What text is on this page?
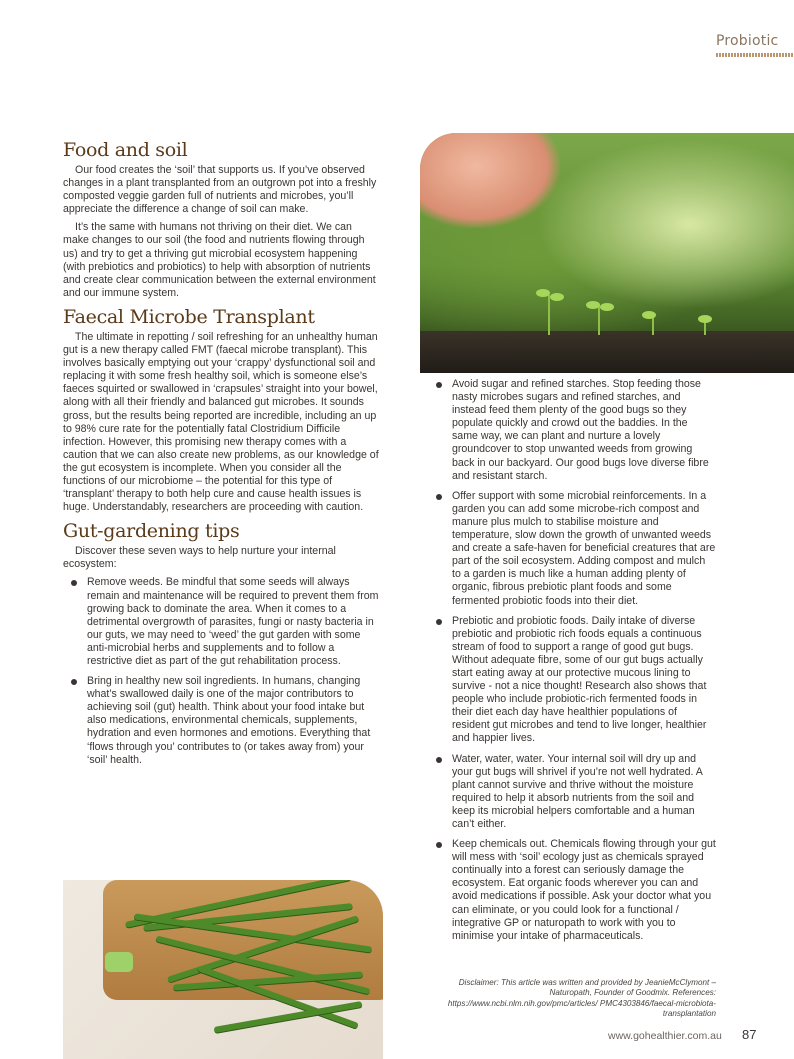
Probiotic
Food and soil

Our food creates the ‘soil’ that supports us. If you’ve observed changes in a plant transplanted from an outgrown pot into a freshly composted veggie garden full of nutrients and microbes, you’ll appreciate the difference a change of soil can make.

It’s the same with humans not thriving on their diet. We can make changes to our soil (the food and nutrients flowing through us) and try to get a thriving gut microbial ecosystem happening (with prebiotics and probiotics) to help with absorption of nutrients and create clear communication between the external environment and our immune system.

Faecal Microbe Transplant

The ultimate in repotting / soil refreshing for an unhealthy human gut is a new therapy called FMT (faecal microbe transplant). This involves basically emptying out your ‘crappy’ dysfunctional soil and replacing it with some fresh healthy soil, which is someone else’s faeces squirted or swallowed in ‘crapsules’ straight into your bowel, along with all their friendly and balanced gut microbes. It sounds gross, but the results being reported are incredible, including an up to 98% cure rate for the potentially fatal Clostridium Difficile infection. However, this promising new therapy comes with a caution that we can also create new problems, as our knowledge of the gut ecosystem is incomplete. When you consider all the functions of our microbiome – the potential for this type of ‘transplant’ therapy to both help cure and cause health issues is huge. Understandably, researchers are proceeding with caution.

Gut-gardening tips

Discover these seven ways to help nurture your internal ecosystem:

Remove weeds. Be mindful that some seeds will always remain and maintenance will be required to prevent them from growing back to dominate the area. When it comes to a detrimental overgrowth of parasites, fungi or nasty bacteria in our guts, we may need to ‘weed’ the gut garden with some anti-microbial herbs and supplements and to follow a restrictive diet as part of the gut rehabilitation process.
Bring in healthy new soil ingredients. In humans, changing what’s swallowed daily is one of the major contributors to achieving soil (gut) health. Think about your food intake but also medications, environmental chemicals, supplements, hydration and even hormones and emotions. Everything that ‘flows through you’ contributes to (or takes away from) your ‘soil’ health.
Avoid sugar and refined starches. Stop feeding those nasty microbes sugars and refined starches, and instead feed them plenty of the good bugs so they populate quickly and crowd out the baddies. In the same way, we can plant and nurture a lovely groundcover to stop unwanted weeds from growing back in our backyard. Our good bugs love diverse fibre and resistant starch.
Offer support with some microbial reinforcements. In a garden you can add some microbe-rich compost and manure plus mulch to stabilise moisture and temperature, slow down the growth of unwanted weeds and create a safe-haven for beneficial creatures that are part of the soil ecosystem. Adding compost and mulch to a garden is much like a human adding plenty of organic, fibrous prebiotic plant foods and some fermented probiotic foods into their diet.
Prebiotic and probiotic foods. Daily intake of diverse prebiotic and probiotic rich foods equals a continuous stream of food to support a range of good gut bugs. Without adequate fibre, some of our gut bugs actually start eating away at our protective mucous lining to survive - not a nice thought! Research also shows that people who include probiotic-rich fermented foods in their diet each day have healthier populations of resident gut microbes and tend to live longer, healthier and happier lives.
Water, water, water. Your internal soil will dry up and your gut bugs will shrivel if you’re not well hydrated. A plant cannot survive and thrive without the moisture required to help it absorb nutrients from the soil and keep its microbial helpers comfortable and a human can’t either.
Keep chemicals out. Chemicals flowing through your gut will mess with ‘soil’ ecology just as chemicals sprayed continually into a forest can seriously damage the ecosystem. Eat organic foods wherever you can and avoid medications if possible. Ask your doctor what you can eliminate, or you could look for a functional / integrative GP or naturopath to work with you to minimise your intake of pharmaceuticals.
Disclaimer: This article was written and provided by JeanieMcClymont – Naturopath, Founder of Goodmix. References: https://www.ncbi.nlm.nih.gov/pmc/articles/ PMC4303846/faecal-microbiota-transplantation
www.gohealthier.com.au 87
